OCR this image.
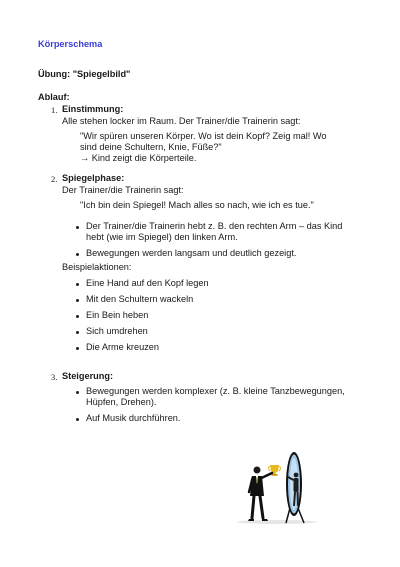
Körperschema
Übung: "Spiegelbild"
Ablauf:
1. Einstimmung:
Alle stehen locker im Raum. Der Trainer/die Trainerin sagt:
"Wir spüren unseren Körper. Wo ist dein Kopf? Zeig mal! Wo
sind deine Schultern, Knie, Füße?"
→ Kind zeigt die Körperteile.
2. Spiegelphase:
Der Trainer/die Trainerin sagt:
"Ich bin dein Spiegel! Mach alles so nach, wie ich es tue."
Der Trainer/die Trainerin hebt z. B. den rechten Arm – das Kind
hebt (wie im Spiegel) den linken Arm.
Bewegungen werden langsam und deutlich gezeigt.
Beispielaktionen:
Eine Hand auf den Kopf legen
Mit den Schultern wackeln
Ein Bein heben
Sich umdrehen
Die Arme kreuzen
3. Steigerung:
Bewegungen werden komplexer (z. B. kleine Tanzbewegungen,
Hüpfen, Drehen).
Auf Musik durchführen.
